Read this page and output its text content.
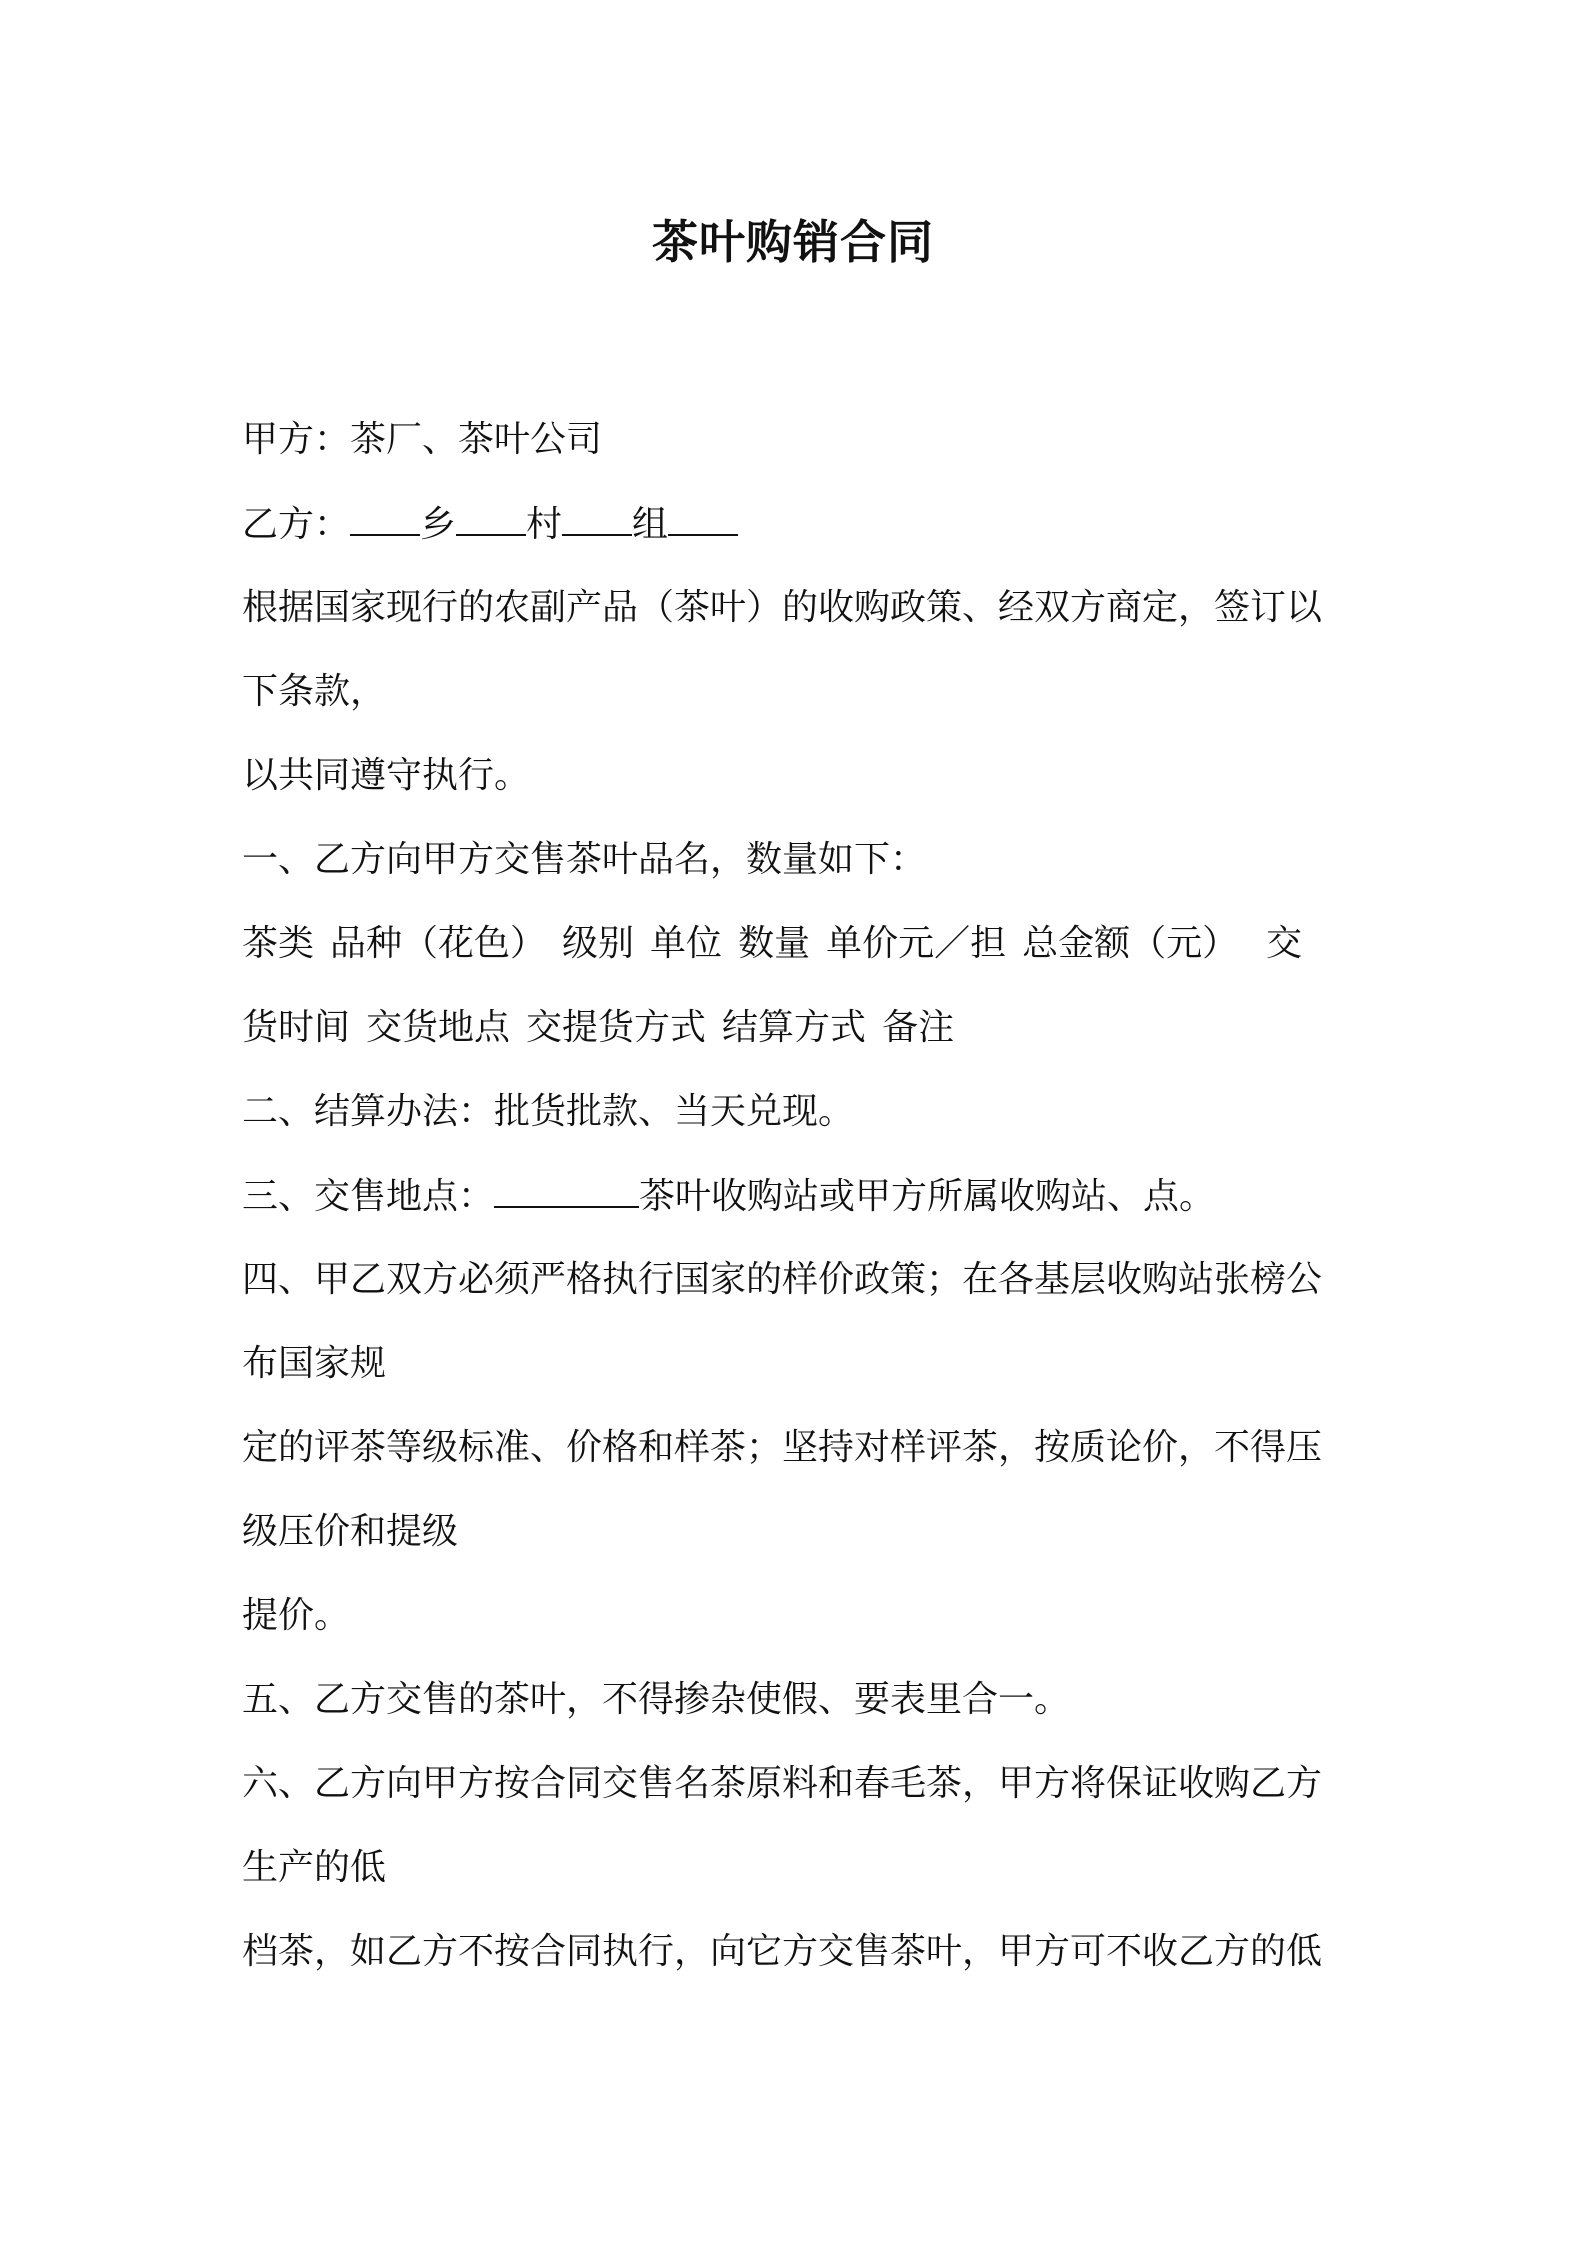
茶叶购销合同
甲方：茶厂、茶叶公司
乙方： 乡 村 组
根据国家现行的农副产品（茶叶）的收购政策、经双方商定，签订以
下条款，
以共同遵守执行。
一、乙方向甲方交售茶叶品名，数量如下：
茶类 品种（花色） 级别 单位 数量 单价元／担 总金额（元） 交
货时间 交货地点 交提货方式 结算方式 备注
二、结算办法：批货批款、当天兑现。
三、交售地点：	茶叶收购站或甲方所属收购站、点。
四、甲乙双方必须严格执行国家的样价政策；在各基层收购站张榜公
布国家规
定的评茶等级标准、价格和样茶；坚持对样评茶，按质论价，不得压
级压价和提级
提价。
五、乙方交售的茶叶，不得掺杂使假、要表里合一。
六、乙方向甲方按合同交售名茶原料和春毛茶，甲方将保证收购乙方
生产的低
档茶，如乙方不按合同执行，向它方交售茶叶，甲方可不收乙方的低
